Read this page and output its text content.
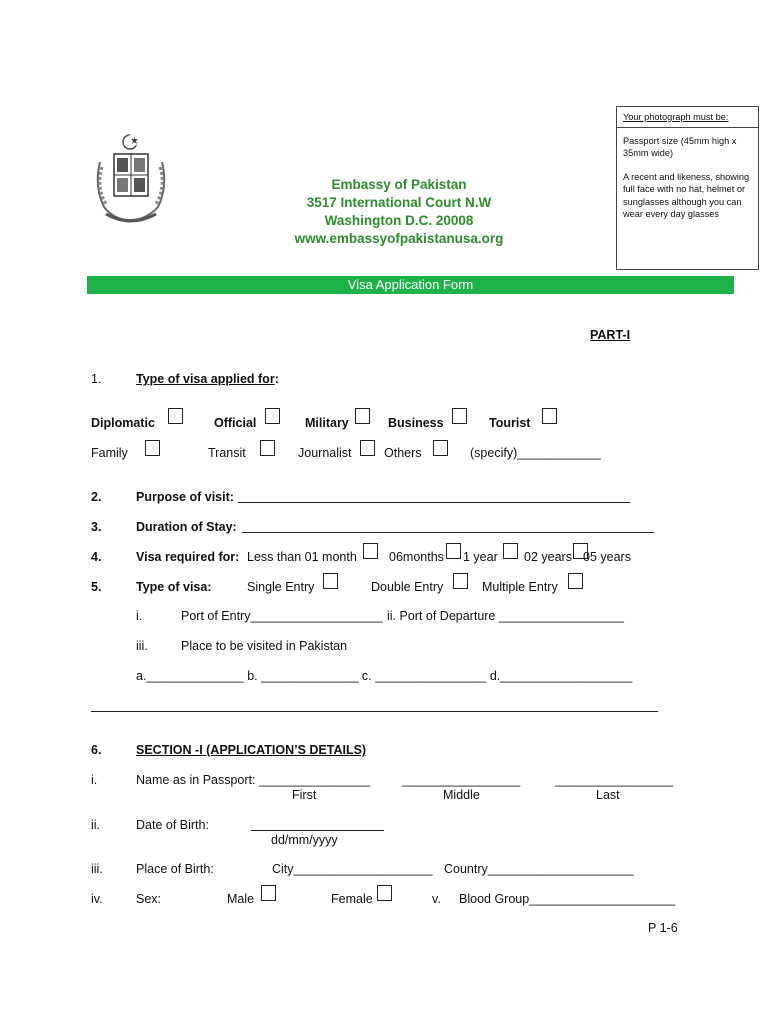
Embassy of Pakistan
3517 International Court N.W
Washington D.C. 20008
www.embassyofpakistanusa.org
Your photograph must be:

Passport size (45mm high x 35mm wide)

A recent and likeness, showing full face with no hat, helmet or sunglasses although you can wear every day glasses

Visa Application Form
PART-I
1.	Type of visa applied for:
Diplomatic	Official	Military	Business	Tourist
Family	Transit	Journalist	Others	(specify)____________
2.	Purpose of visit:
3.	Duration of Stay:
4.	Visa required for: Less than 01 month	06months 1 year 02 years 05 years
5.	Type of visa:	Single Entry	Double Entry	Multiple Entry
i.	Port of Entry___________________ ii. Port of Departure __________________
iii.	Place to be visited in Pakistan
a.______________ b. ______________ c. ________________ d.___________________
6.	SECTION -I (APPLICATION’S DETAILS)
i.	Name as in Passport: ________________	_________________	_________________
First	Middle	Last
ii.	Date of Birth:
dd/mm/yyyy
iii.	Place of Birth:	City____________________ Country_____________________
iv.	Sex:	Male	Female	v. Blood Group_____________________
P 1-6
